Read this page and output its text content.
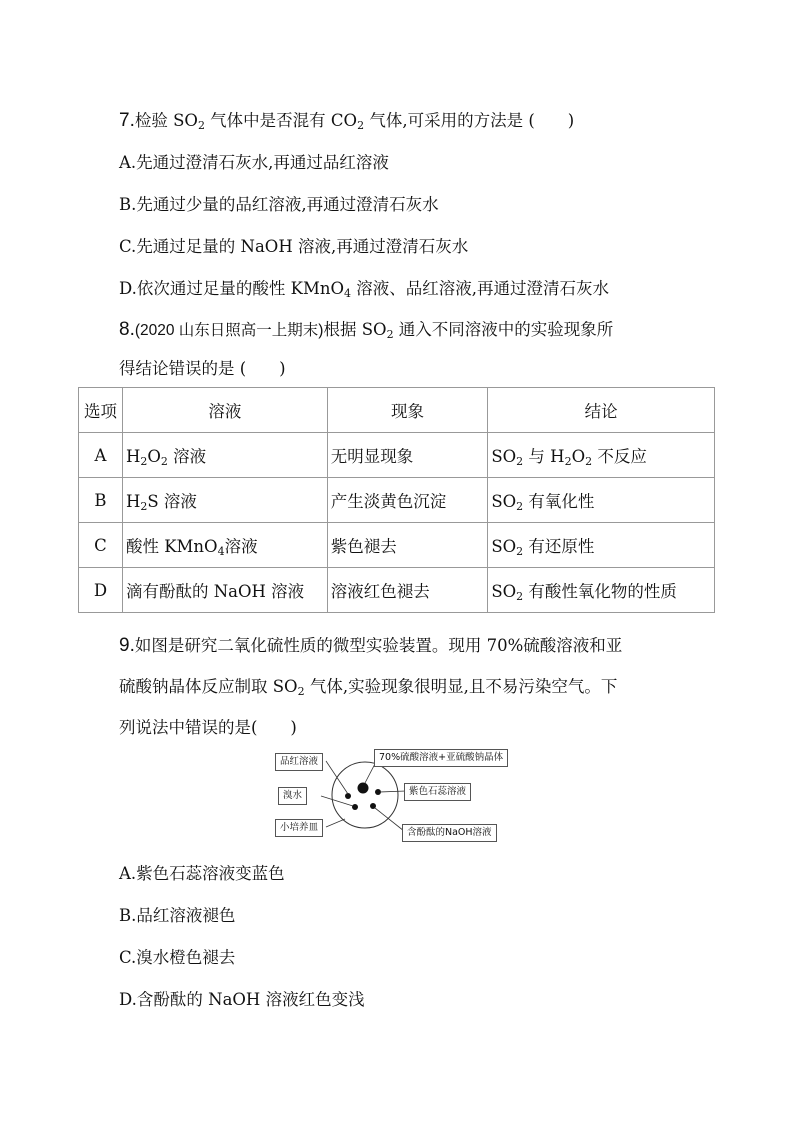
7.检验 $SO_2$ 气体中是否混有 $CO_2$ 气体,可采用的方法是 (　　)
A.先通过澄清石灰水,再通过品红溶液
B.先通过少量的品红溶液,再通过澄清石灰水
C.先通过足量的 NaOH 溶液,再通过澄清石灰水
D.依次通过足量的酸性 KMnO$_4$ 溶液、品红溶液,再通过澄清石灰水
8.(2020 山东日照高一上期末)根据 $SO_2$ 通入不同溶液中的实验现象所
得结论错误的是 (　　)
选项	溶液	现象	结论
A	$H_2O_2$ 溶液	无明显现象	$SO_2$ 与 $H_2O_2$ 不反应
B	$H_2S$ 溶液	产生淡黄色沉淀	$SO_2$ 有氧化性
C	酸性 KMnO$_4$溶液	紫色褪去	$SO_2$ 有还原性
D	滴有酚酞的 NaOH 溶液	溶液红色褪去	$SO_2$ 有酸性氧化物的性质
9.如图是研究二氧化硫性质的微型实验装置。现用 70%硫酸溶液和亚
硫酸钠晶体反应制取 $SO_2$ 气体,实验现象很明显,且不易污染空气。下
列说法中错误的是(　　)
品红溶液
溴水
小培养皿
70%硫酸溶液+亚硫酸钠晶体
紫色石蕊溶液
含酚酞的NaOH溶液
A.紫色石蕊溶液变蓝色
B.品红溶液褪色
C.溴水橙色褪去
D.含酚酞的 NaOH 溶液红色变浅
